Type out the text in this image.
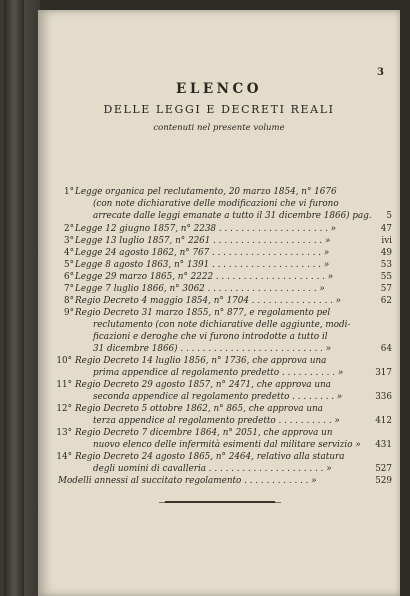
3
ELENCO
DELLE LEGGI E DECRETI REALI
contenuti nel presente volume
1° Legge organica pel reclutamento, 20 marzo 1854, n° 1676
(con note dichiarative delle modificazioni che vi furono
arrecate dalle leggi emanate a tutto il 31 dicembre 1866) pag.	5
2° Legge 12 giugno 1857, n° 2238 . . . . . . . . . . . . . . . . . . . . »	47
3° Legge 13 luglio 1857, n° 2261 . . . . . . . . . . . . . . . . . . . . »	ivi
4° Legge 24 agosto 1862, n° 767 . . . . . . . . . . . . . . . . . . . . »	49
5° Legge 8 agosto 1863, n° 1391 . . . . . . . . . . . . . . . . . . . . »	53
6° Legge 29 marzo 1865, n° 2222 . . . . . . . . . . . . . . . . . . . . »	55
7° Legge 7 luglio 1866, n° 3062 . . . . . . . . . . . . . . . . . . . . »	57
8° Regio Decreto 4 maggio 1854, n° 1704 . . . . . . . . . . . . . . . »	62
9° Regio Decreto 31 marzo 1855, n° 877, e regolamento pel
reclutamento (con note dichiarative delle aggiunte, modi-
ficazioni e deroghe che vi furono introdotte a tutto il
31 dicembre 1866) . . . . . . . . . . . . . . . . . . . . . . . . . . »	64
10° Regio Decreto 14 luglio 1856, n° 1736, che approva una
prima appendice al regolamento predetto . . . . . . . . . . »	317
11° Regio Decreto 29 agosto 1857, n° 2471, che approva una
seconda appendice al regolamento predetto . . . . . . . . »	336
12° Regio Decreto 5 ottobre 1862, n° 865, che approva una
terza appendice al regolamento predetto . . . . . . . . . . »	412
13° Regio Decreto 7 dicembre 1864, n° 2051, che approva un
nuovo elenco delle infermità esimenti dal militare servizio »	431
14° Regio Decreto 24 agosto 1865, n° 2464, relativo alla statura
degli uomini di cavalleria . . . . . . . . . . . . . . . . . . . . . »	527
Modelli annessi al succitato regolamento . . . . . . . . . . . . »	529
